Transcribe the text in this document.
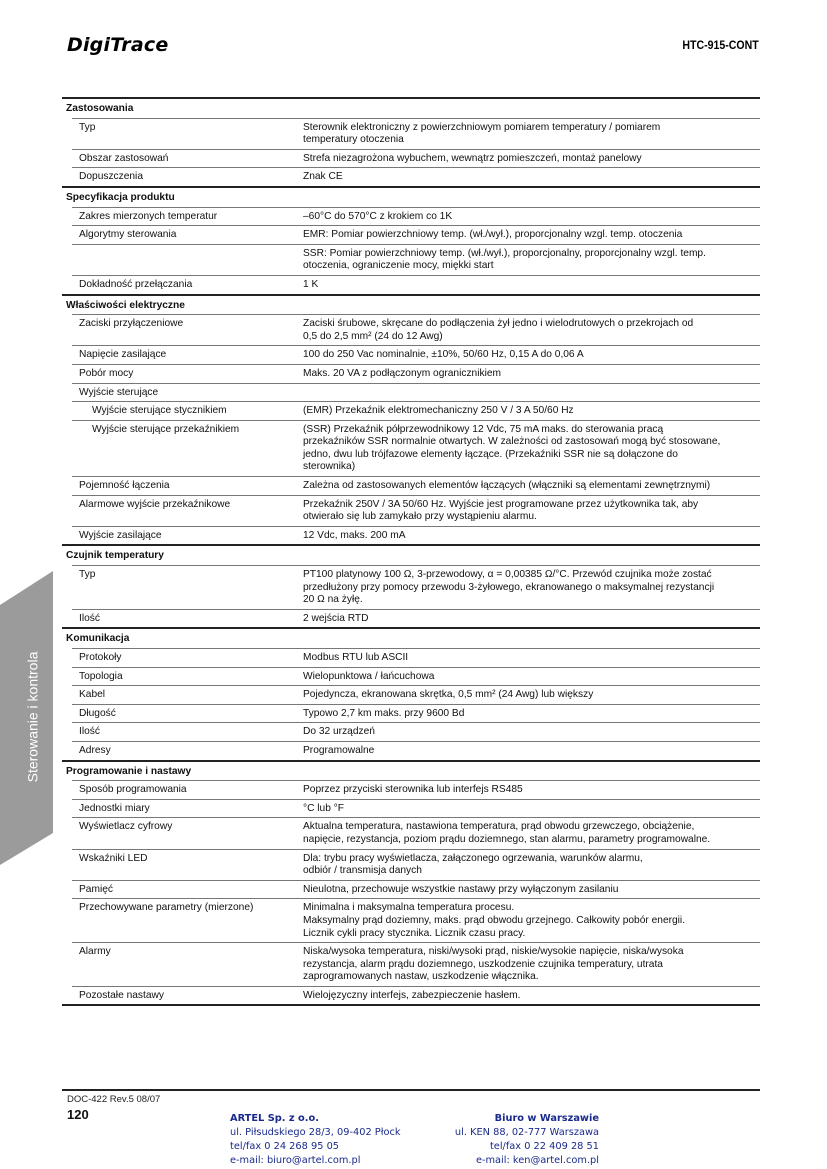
DigiTrace	HTC-915-CONT
Sterowanie i kontrola
Zastosowania
Typ	Sterownik elektroniczny z powierzchniowym pomiarem temperatury / pomiarem
temperatury otoczenia
Obszar zastosowań	Strefa niezagrożona wybuchem, wewnątrz pomieszczeń, montaż panelowy
Dopuszczenia	Znak CE
Specyfikacja produktu
Zakres mierzonych temperatur	–60°C do 570°C z krokiem co 1K
Algorytmy sterowania	EMR: Pomiar powierzchniowy temp. (wł./wył.), proporcjonalny wzgl. temp. otoczenia
SSR: Pomiar powierzchniowy temp. (wł./wył.), proporcjonalny, proporcjonalny wzgl. temp.
otoczenia, ograniczenie mocy, miękki start
Dokładność przełączania	1 K
Właściwości elektryczne
Zaciski przyłączeniowe	Zaciski śrubowe, skręcane do podłączenia żył jedno i wielodrutowych o przekrojach od
0,5 do 2,5 mm² (24 do 12 Awg)
Napięcie zasilające	100 do 250 Vac nominalnie, ±10%, 50/60 Hz, 0,15 A do 0,06 A
Pobór mocy	Maks. 20 VA z podłączonym ogranicznikiem
Wyjście sterujące
Wyjście sterujące stycznikiem	(EMR) Przekaźnik elektromechaniczny 250 V / 3 A 50/60 Hz
Wyjście sterujące przekaźnikiem	(SSR) Przekaźnik półprzewodnikowy 12 Vdc, 75 mA maks. do sterowania pracą
przekaźników SSR normalnie otwartych. W zależności od zastosowań mogą być stosowane,
jedno, dwu lub trójfazowe elementy łączące. (Przekaźniki SSR nie są dołączone do
sterownika)
Pojemność łączenia	Zależna od zastosowanych elementów łączących (włączniki są elementami zewnętrznymi)
Alarmowe wyjście przekaźnikowe	Przekaźnik 250V / 3A 50/60 Hz. Wyjście jest programowane przez użytkownika tak, aby
otwierało się lub zamykało przy wystąpieniu alarmu.
Wyjście zasilające	12 Vdc, maks. 200 mA
Czujnik temperatury
Typ	PT100 platynowy 100 Ω, 3-przewodowy, α = 0,00385 Ω/°C. Przewód czujnika może zostać
przedłużony przy pomocy przewodu 3-żyłowego, ekranowanego o maksymalnej rezystancji
20 Ω na żyłę.
Ilość	2 wejścia RTD
Komunikacja
Protokoły	Modbus RTU lub ASCII
Topologia	Wielopunktowa / łańcuchowa
Kabel	Pojedyncza, ekranowana skrętka, 0,5 mm² (24 Awg) lub większy
Długość	Typowo 2,7 km maks. przy 9600 Bd
Ilość	Do 32 urządzeń
Adresy	Programowalne
Programowanie i nastawy
Sposób programowania	Poprzez przyciski sterownika lub interfejs RS485
Jednostki miary	°C lub °F
Wyświetlacz cyfrowy	Aktualna temperatura, nastawiona temperatura, prąd obwodu grzewczego, obciążenie,
napięcie, rezystancja, poziom prądu doziemnego, stan alarmu, parametry programowalne.
Wskaźniki LED	Dla: trybu pracy wyświetlacza, załączonego ogrzewania, warunków alarmu,
odbiór / transmisja danych
Pamięć	Nieulotna, przechowuje wszystkie nastawy przy wyłączonym zasilaniu
Przechowywane parametry (mierzone)	Minimalna i maksymalna temperatura procesu.
Maksymalny prąd doziemny, maks. prąd obwodu grzejnego. Całkowity pobór energii.
Licznik cykli pracy stycznika. Licznik czasu pracy.
Alarmy	Niska/wysoka temperatura, niski/wysoki prąd, niskie/wysokie napięcie, niska/wysoka
rezystancja, alarm prądu doziemnego, uszkodzenie czujnika temperatury, utrata
zaprogramowanych nastaw, uszkodzenie włącznika.
Pozostałe nastawy	Wielojęzyczny interfejs, zabezpieczenie hasłem.
DOC-422 Rev.5 08/07
120	ARTEL Sp. z o.o.
ul. Piłsudskiego 28/3, 09-402 Płock
tel/fax 0 24 268 95 05
e-mail: biuro@artel.com.pl
Biuro w Warszawie
ul. KEN 88, 02-777 Warszawa
tel/fax 0 22 409 28 51
e-mail: ken@artel.com.pl
